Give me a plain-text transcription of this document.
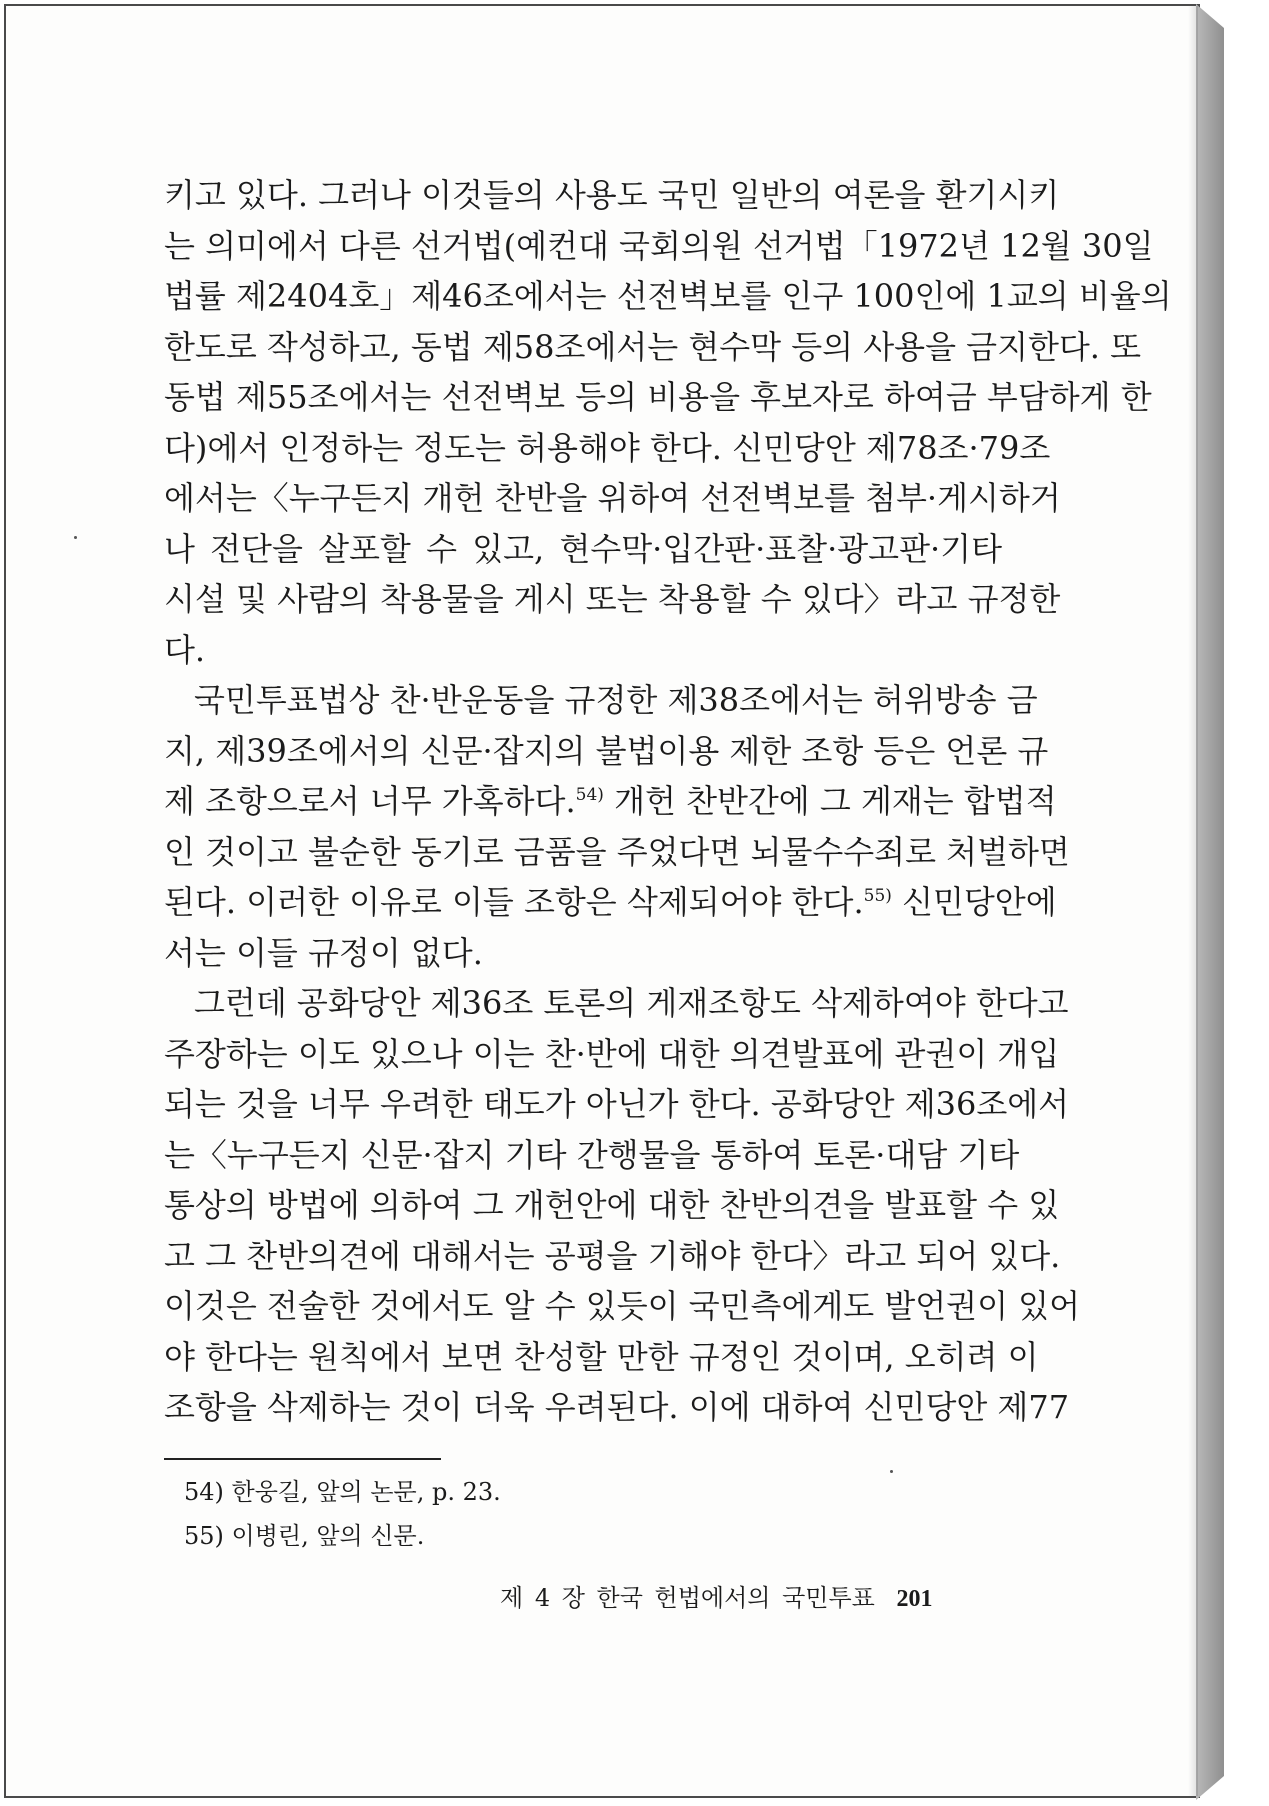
키고 있다. 그러나 이것들의 사용도 국민 일반의 여론을 환기시키
는 의미에서 다른 선거법(예컨대 국회의원 선거법「1972년 12월 30일
법률 제2404호」제46조에서는 선전벽보를 인구 100인에 1교의 비율의
한도로 작성하고, 동법 제58조에서는 현수막 등의 사용을 금지한다. 또
동법 제55조에서는 선전벽보 등의 비용을 후보자로 하여금 부담하게 한
다)에서 인정하는 정도는 허용해야 한다. 신민당안 제78조·79조
에서는〈누구든지 개헌 찬반을 위하여 선전벽보를 첨부·게시하거
나 전단을 살포할 수 있고, 현수막·입간판·표찰·광고판·기타
시설 및 사람의 착용물을 게시 또는 착용할 수 있다〉라고 규정한
다.
국민투표법상 찬·반운동을 규정한 제38조에서는 허위방송 금
지, 제39조에서의 신문·잡지의 불법이용 제한 조항 등은 언론 규
제 조항으로서 너무 가혹하다.$^{54)}$ 개헌 찬반간에 그 게재는 합법적
인 것이고 불순한 동기로 금품을 주었다면 뇌물수수죄로 처벌하면
된다. 이러한 이유로 이들 조항은 삭제되어야 한다.$^{55)}$ 신민당안에
서는 이들 규정이 없다.
그런데 공화당안 제36조 토론의 게재조항도 삭제하여야 한다고
주장하는 이도 있으나 이는 찬·반에 대한 의견발표에 관권이 개입
되는 것을 너무 우려한 태도가 아닌가 한다. 공화당안 제36조에서
는〈누구든지 신문·잡지 기타 간행물을 통하여 토론·대담 기타
통상의 방법에 의하여 그 개헌안에 대한 찬반의견을 발표할 수 있
고 그 찬반의견에 대해서는 공평을 기해야 한다〉라고 되어 있다.
이것은 전술한 것에서도 알 수 있듯이 국민측에게도 발언권이 있어
야 한다는 원칙에서 보면 찬성할 만한 규정인 것이며, 오히려 이
조항을 삭제하는 것이 더욱 우려된다. 이에 대하여 신민당안 제77
54) 한웅길, 앞의 논문, p. 23.
55) 이병린, 앞의 신문.
제 4 장 한국 헌법에서의 국민투표 201
